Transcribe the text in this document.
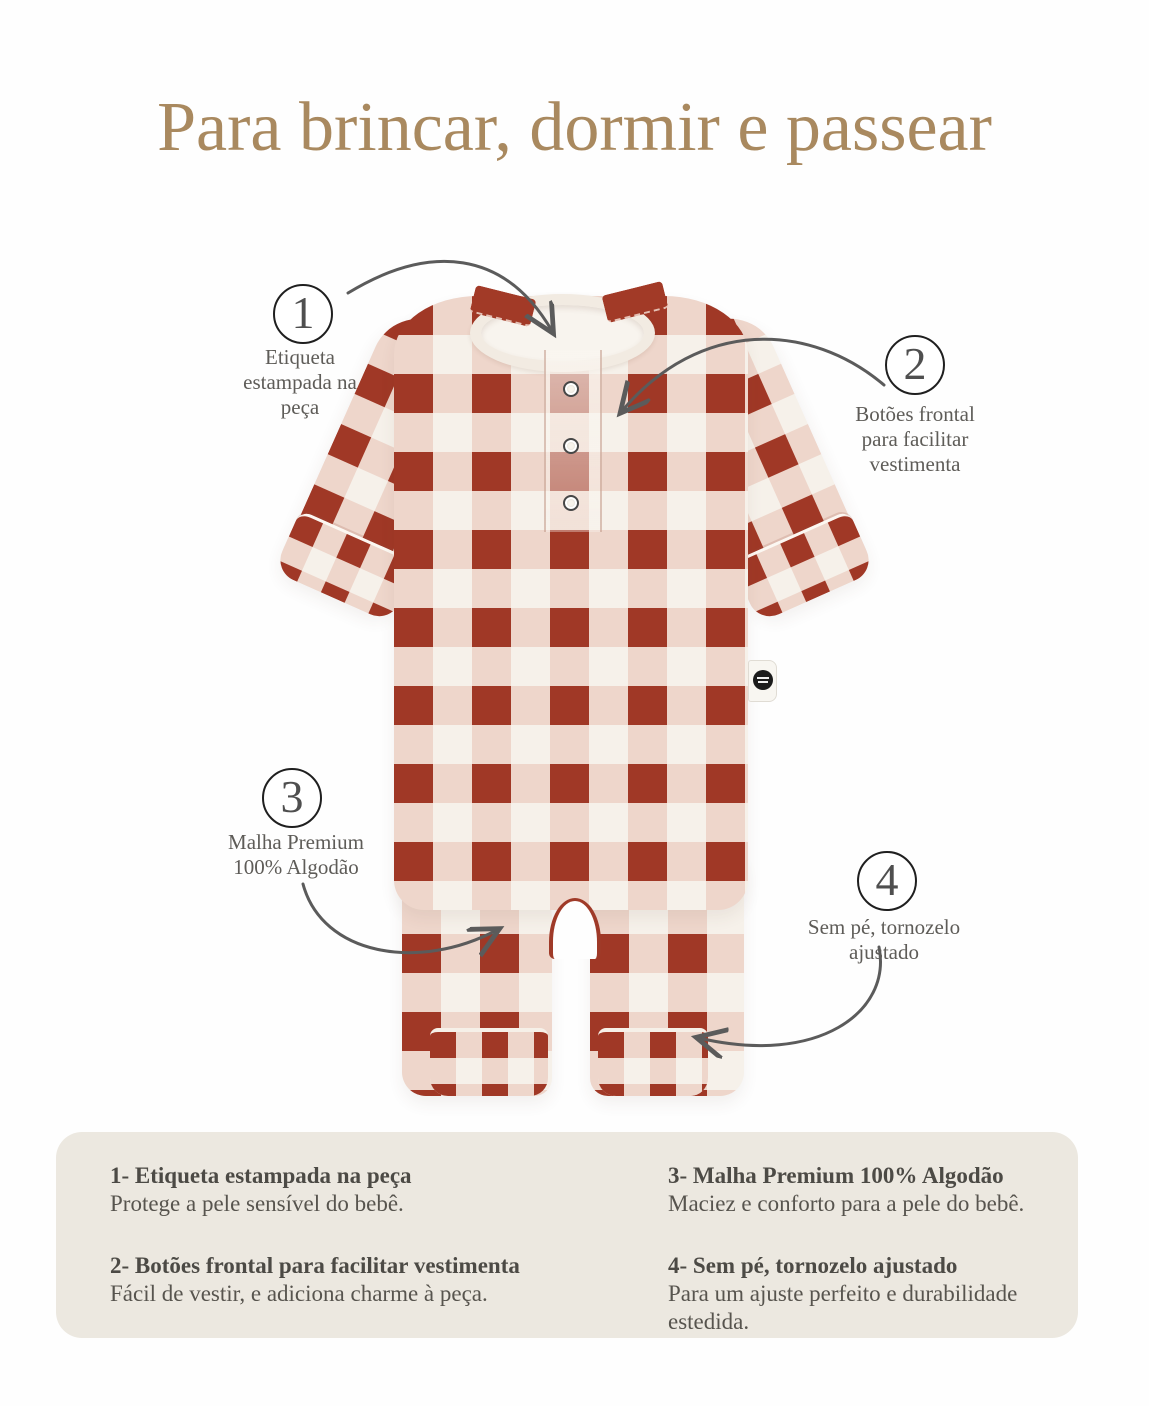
Para brincar, dormir e passear
1
Etiqueta
estampada na
peça
2
Botões frontal
para facilitar
vestimenta
3
Malha Premium
100% Algodão	4
Sem pé, tornozelo
ajustado
1- Etiqueta estampada na peça
Protege a pele sensível do bebê.
2- Botões frontal para facilitar vestimenta
Fácil de vestir, e adiciona charme à peça.
3- Malha Premium 100% Algodão
Maciez e conforto para a pele do bebê.
4- Sem pé, tornozelo ajustado
Para um ajuste perfeito e durabilidade estedida.
